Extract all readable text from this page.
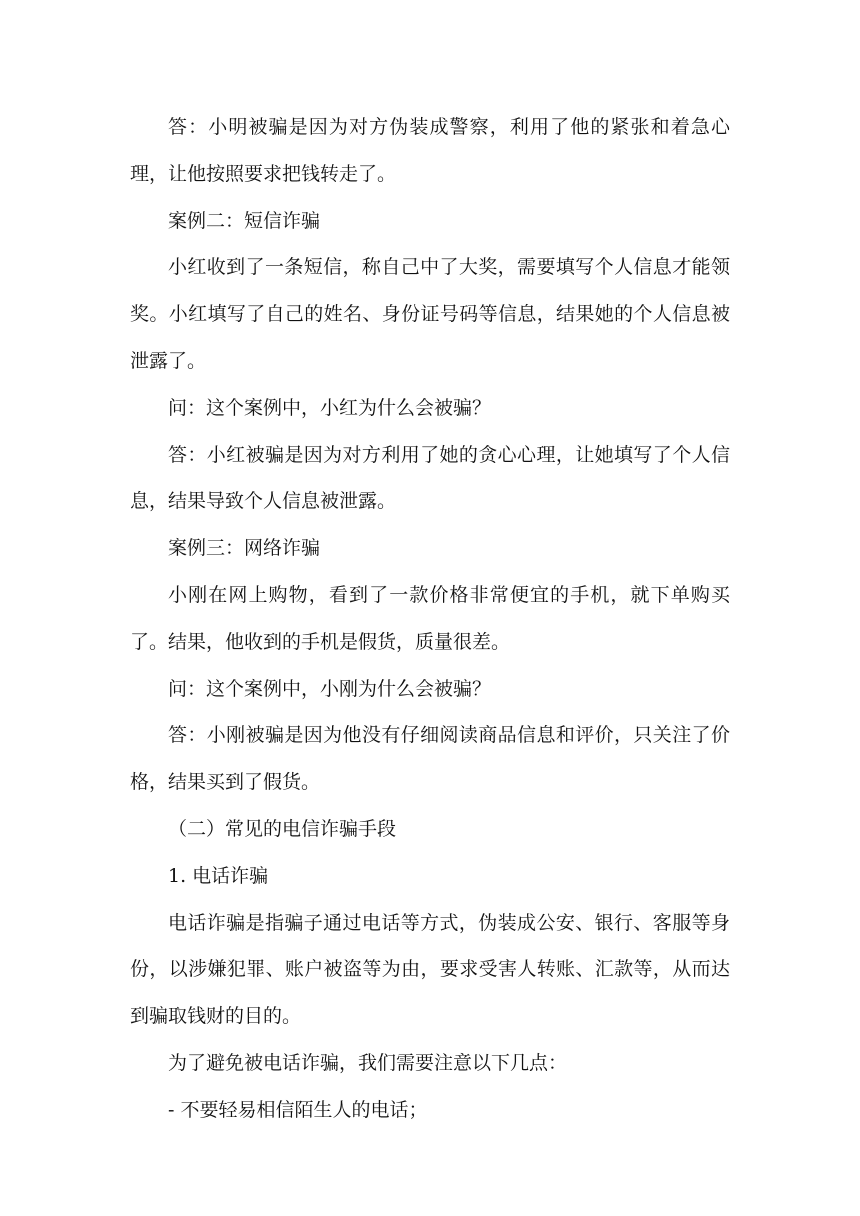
答：小明被骗是因为对方伪装成警察，利用了他的紧张和着急心理，让他按照要求把钱转走了。

案例二：短信诈骗

小红收到了一条短信，称自己中了大奖，需要填写个人信息才能领奖。小红填写了自己的姓名、身份证号码等信息，结果她的个人信息被泄露了。

问：这个案例中，小红为什么会被骗？

答：小红被骗是因为对方利用了她的贪心心理，让她填写了个人信息，结果导致个人信息被泄露。

案例三：网络诈骗

小刚在网上购物，看到了一款价格非常便宜的手机，就下单购买了。结果，他收到的手机是假货，质量很差。

问：这个案例中，小刚为什么会被骗？

答：小刚被骗是因为他没有仔细阅读商品信息和评价，只关注了价格，结果买到了假货。

（二）常见的电信诈骗手段

1. 电话诈骗

电话诈骗是指骗子通过电话等方式，伪装成公安、银行、客服等身份，以涉嫌犯罪、账户被盗等为由，要求受害人转账、汇款等，从而达到骗取钱财的目的。

为了避免被电话诈骗，我们需要注意以下几点：

- 不要轻易相信陌生人的电话；
